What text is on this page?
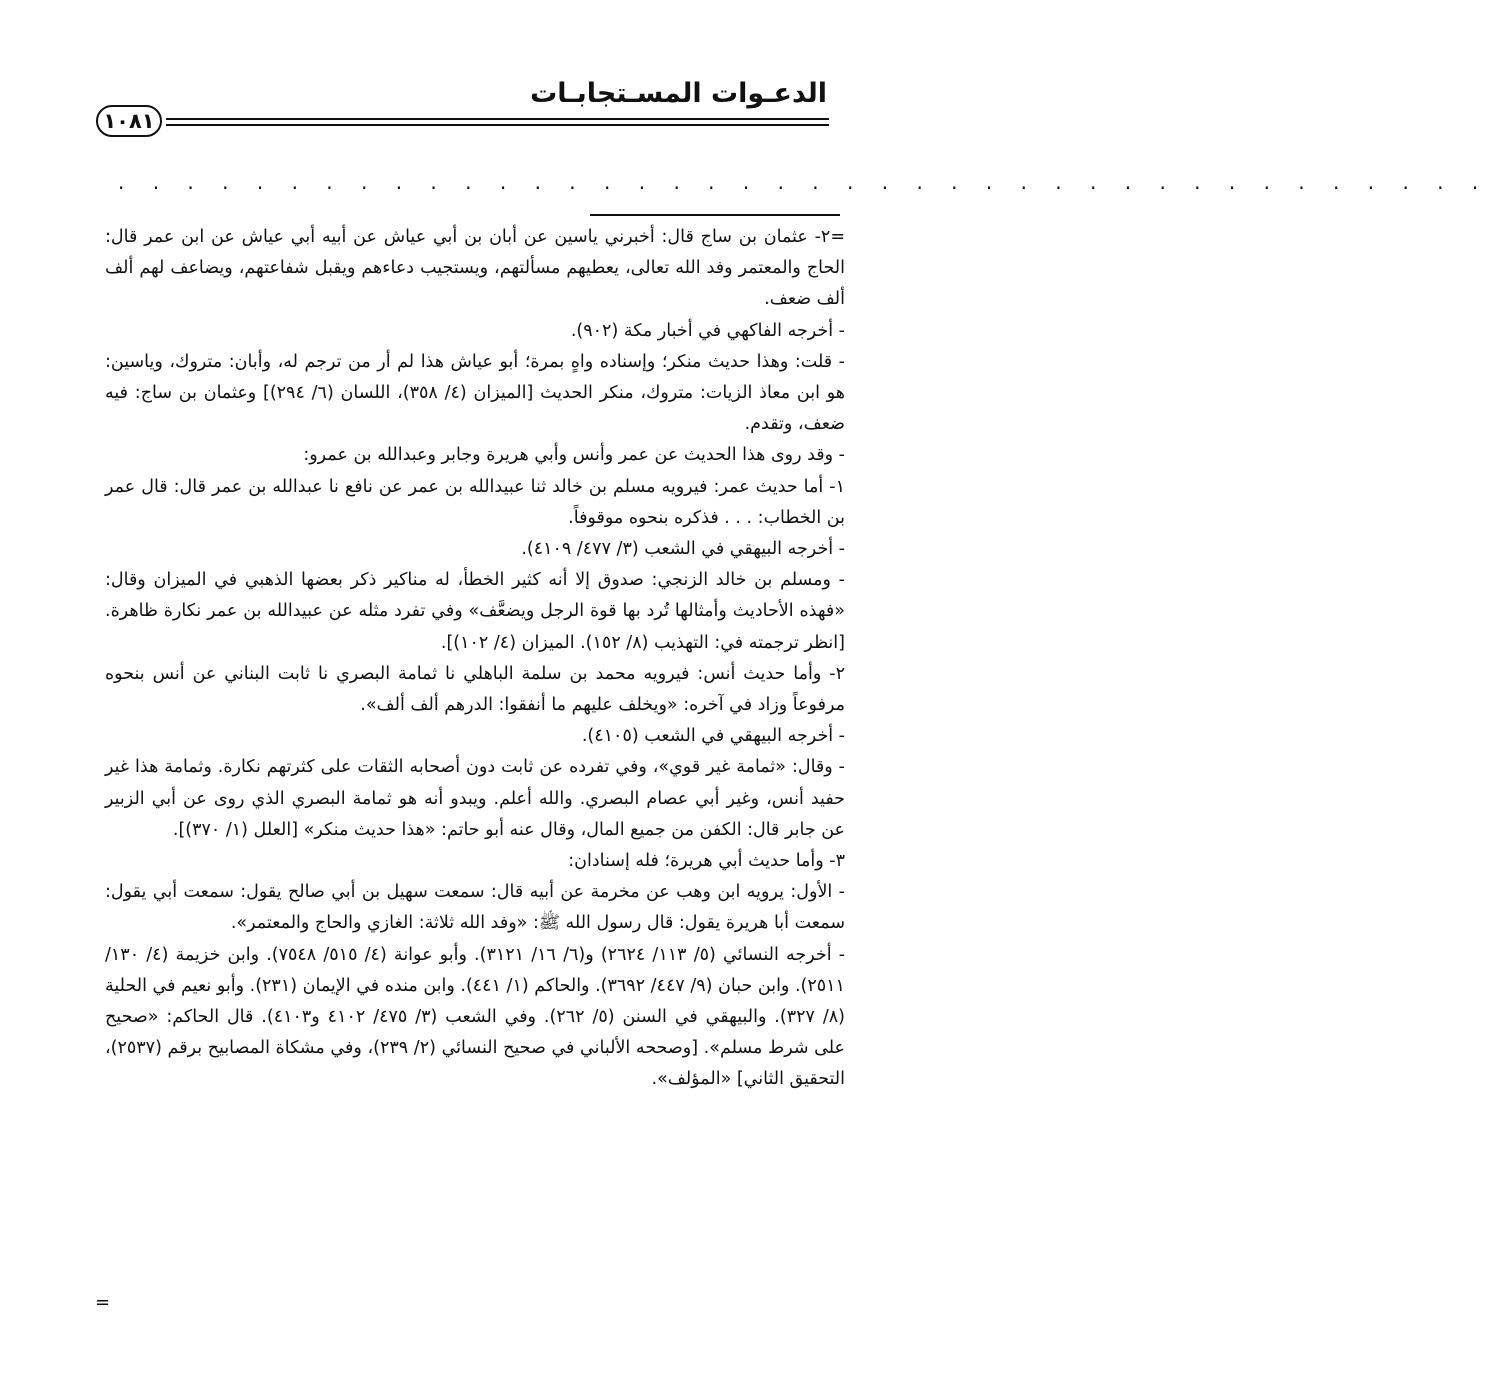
الدعـوات المسـتجابـات
١٠٨١
. . . . . . . . . . . . . . . . . . . . . . . . . . . . . . . . . . . . . . . .

=٢- عثمان بن ساج قال: أخبرني ياسين عن أبان بن أبي عياش عن أبيه أبي عياش عن ابن عمر قال: الحاج والمعتمر وفد الله تعالى، يعطيهم مسألتهم، ويستجيب دعاءهم ويقبل شفاعتهم، ويضاعف لهم ألف ألف ضعف.

- أخرجه الفاكهي في أخبار مكة (٩٠٢).

- قلت: وهذا حديث منكر؛ وإسناده واهٍ بمرة؛ أبو عياش هذا لم أر من ترجم له، وأبان: متروك، وياسين: هو ابن معاذ الزيات: متروك، منكر الحديث [الميزان (٤/ ٣٥٨)، اللسان (٦/ ٢٩٤)] وعثمان بن ساج: فيه ضعف، وتقدم.

- وقد روى هذا الحديث عن عمر وأنس وأبي هريرة وجابر وعبدالله بن عمرو:

١- أما حديث عمر: فيرويه مسلم بن خالد ثنا عبيدالله بن عمر عن نافع نا عبدالله بن عمر قال: قال عمر بن الخطاب: . . . فذكره بنحوه موقوفاً.

- أخرجه البيهقي في الشعب (٣/ ٤٧٧/ ٤١٠٩).

- ومسلم بن خالد الزنجي: صدوق إلا أنه كثير الخطأ، له مناكير ذكر بعضها الذهبي في الميزان وقال: «فهذه الأحاديث وأمثالها تُرد بها قوة الرجل ويضعَّف» وفي تفرد مثله عن عبيدالله بن عمر نكارة ظاهرة. [انظر ترجمته في: التهذيب (٨/ ١٥٢). الميزان (٤/ ١٠٢)].

٢- وأما حديث أنس: فيرويه محمد بن سلمة الباهلي نا ثمامة البصري نا ثابت البناني عن أنس بنحوه مرفوعاً وزاد في آخره: «ويخلف عليهم ما أنفقوا: الدرهم ألف ألف».

- أخرجه البيهقي في الشعب (٤١٠٥).

- وقال: «ثمامة غير قوي»، وفي تفرده عن ثابت دون أصحابه الثقات على كثرتهم نكارة. وثمامة هذا غير حفيد أنس، وغير أبي عصام البصري. والله أعلم. ويبدو أنه هو ثمامة البصري الذي روى عن أبي الزبير عن جابر قال: الكفن من جميع المال، وقال عنه أبو حاتم: «هذا حديث منكر» [العلل (١/ ٣٧٠)].

٣- وأما حديث أبي هريرة؛ فله إسنادان:

- الأول: يرويه ابن وهب عن مخرمة عن أبيه قال: سمعت سهيل بن أبي صالح يقول: سمعت أبي يقول: سمعت أبا هريرة يقول: قال رسول الله ﷺ: «وفد الله ثلاثة: الغازي والحاج والمعتمر».

- أخرجه النسائي (٥/ ١١٣/ ٢٦٢٤) و(٦/ ١٦/ ٣١٢١). وأبو عوانة (٤/ ٥١٥/ ٧٥٤٨). وابن خزيمة (٤/ ١٣٠/ ٢٥١١). وابن حبان (٩/ ٤٤٧/ ٣٦٩٢). والحاكم (١/ ٤٤١). وابن منده في الإيمان (٢٣١). وأبو نعيم في الحلية (٨/ ٣٢٧). والبيهقي في السنن (٥/ ٢٦٢). وفي الشعب (٣/ ٤٧٥/ ٤١٠٢ و٤١٠٣). قال الحاكم: «صحيح على شرط مسلم». [وصححه الألباني في صحيح النسائي (٢/ ٢٣٩)، وفي مشكاة المصابيح برقم (٢٥٣٧)، التحقيق الثاني] «المؤلف».

=
